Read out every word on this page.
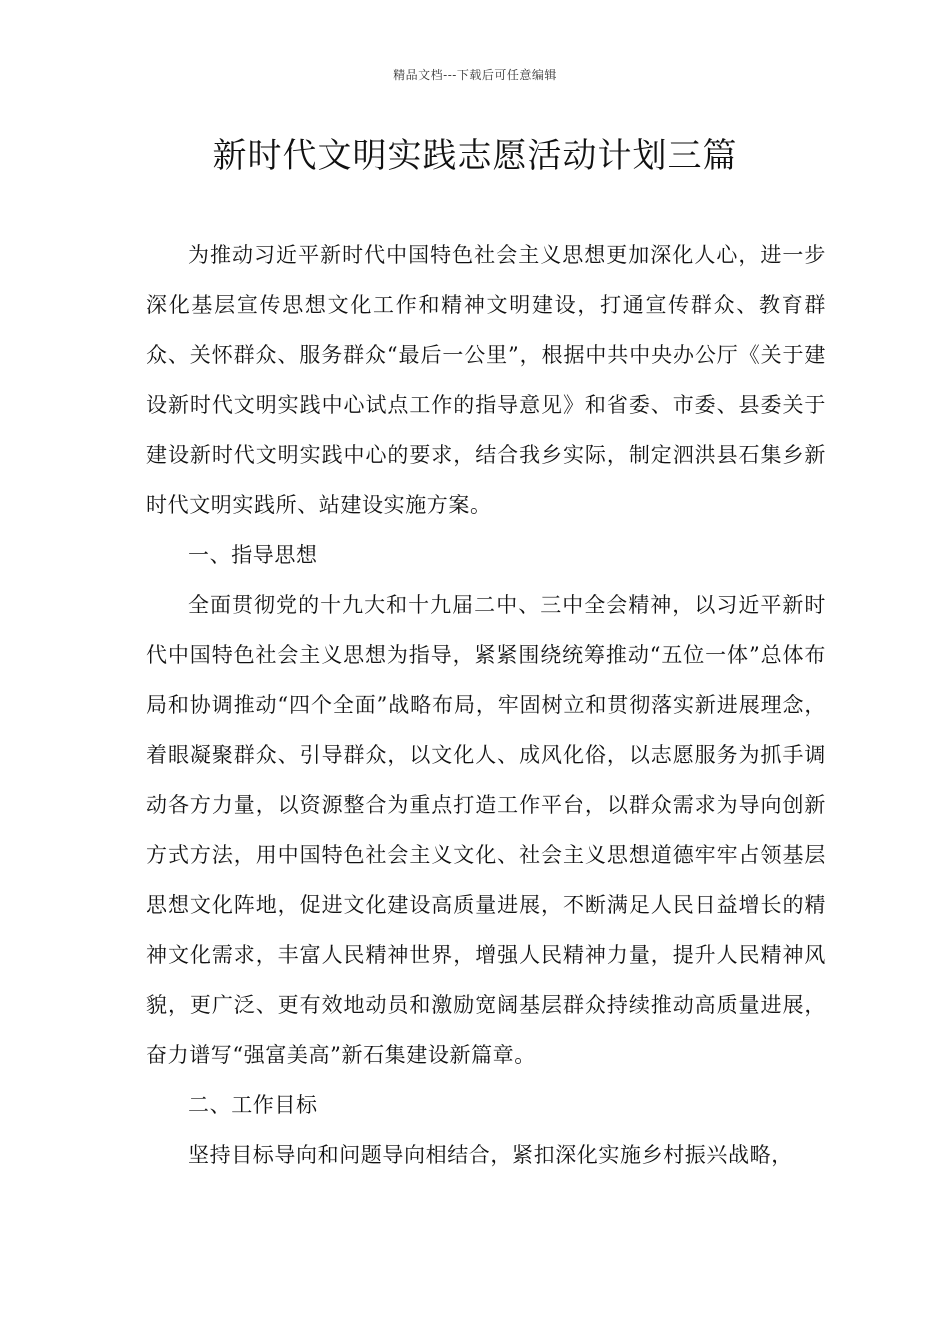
精品文档---下载后可任意编辑
新时代文明实践志愿活动计划三篇

为推动习近平新时代中国特色社会主义思想更加深化人心，进一步深化基层宣传思想文化工作和精神文明建设，打通宣传群众、教育群众、关怀群众、服务群众“最后一公里”，根据中共中央办公厅《关于建设新时代文明实践中心试点工作的指导意见》和省委、市委、县委关于建设新时代文明实践中心的要求，结合我乡实际，制定泗洪县石集乡新时代文明实践所、站建设实施方案。

一、指导思想

全面贯彻党的十九大和十九届二中、三中全会精神，以习近平新时代中国特色社会主义思想为指导，紧紧围绕统筹推动“五位一体”总体布局和协调推动“四个全面”战略布局，牢固树立和贯彻落实新进展理念，着眼凝聚群众、引导群众，以文化人、成风化俗，以志愿服务为抓手调动各方力量，以资源整合为重点打造工作平台，以群众需求为导向创新方式方法，用中国特色社会主义文化、社会主义思想道德牢牢占领基层思想文化阵地，促进文化建设高质量进展，不断满足人民日益增长的精神文化需求，丰富人民精神世界，增强人民精神力量，提升人民精神风貌，更广泛、更有效地动员和激励宽阔基层群众持续推动高质量进展，奋力谱写“强富美高”新石集建设新篇章。

二、工作目标

坚持目标导向和问题导向相结合，紧扣深化实施乡村振兴战略，
